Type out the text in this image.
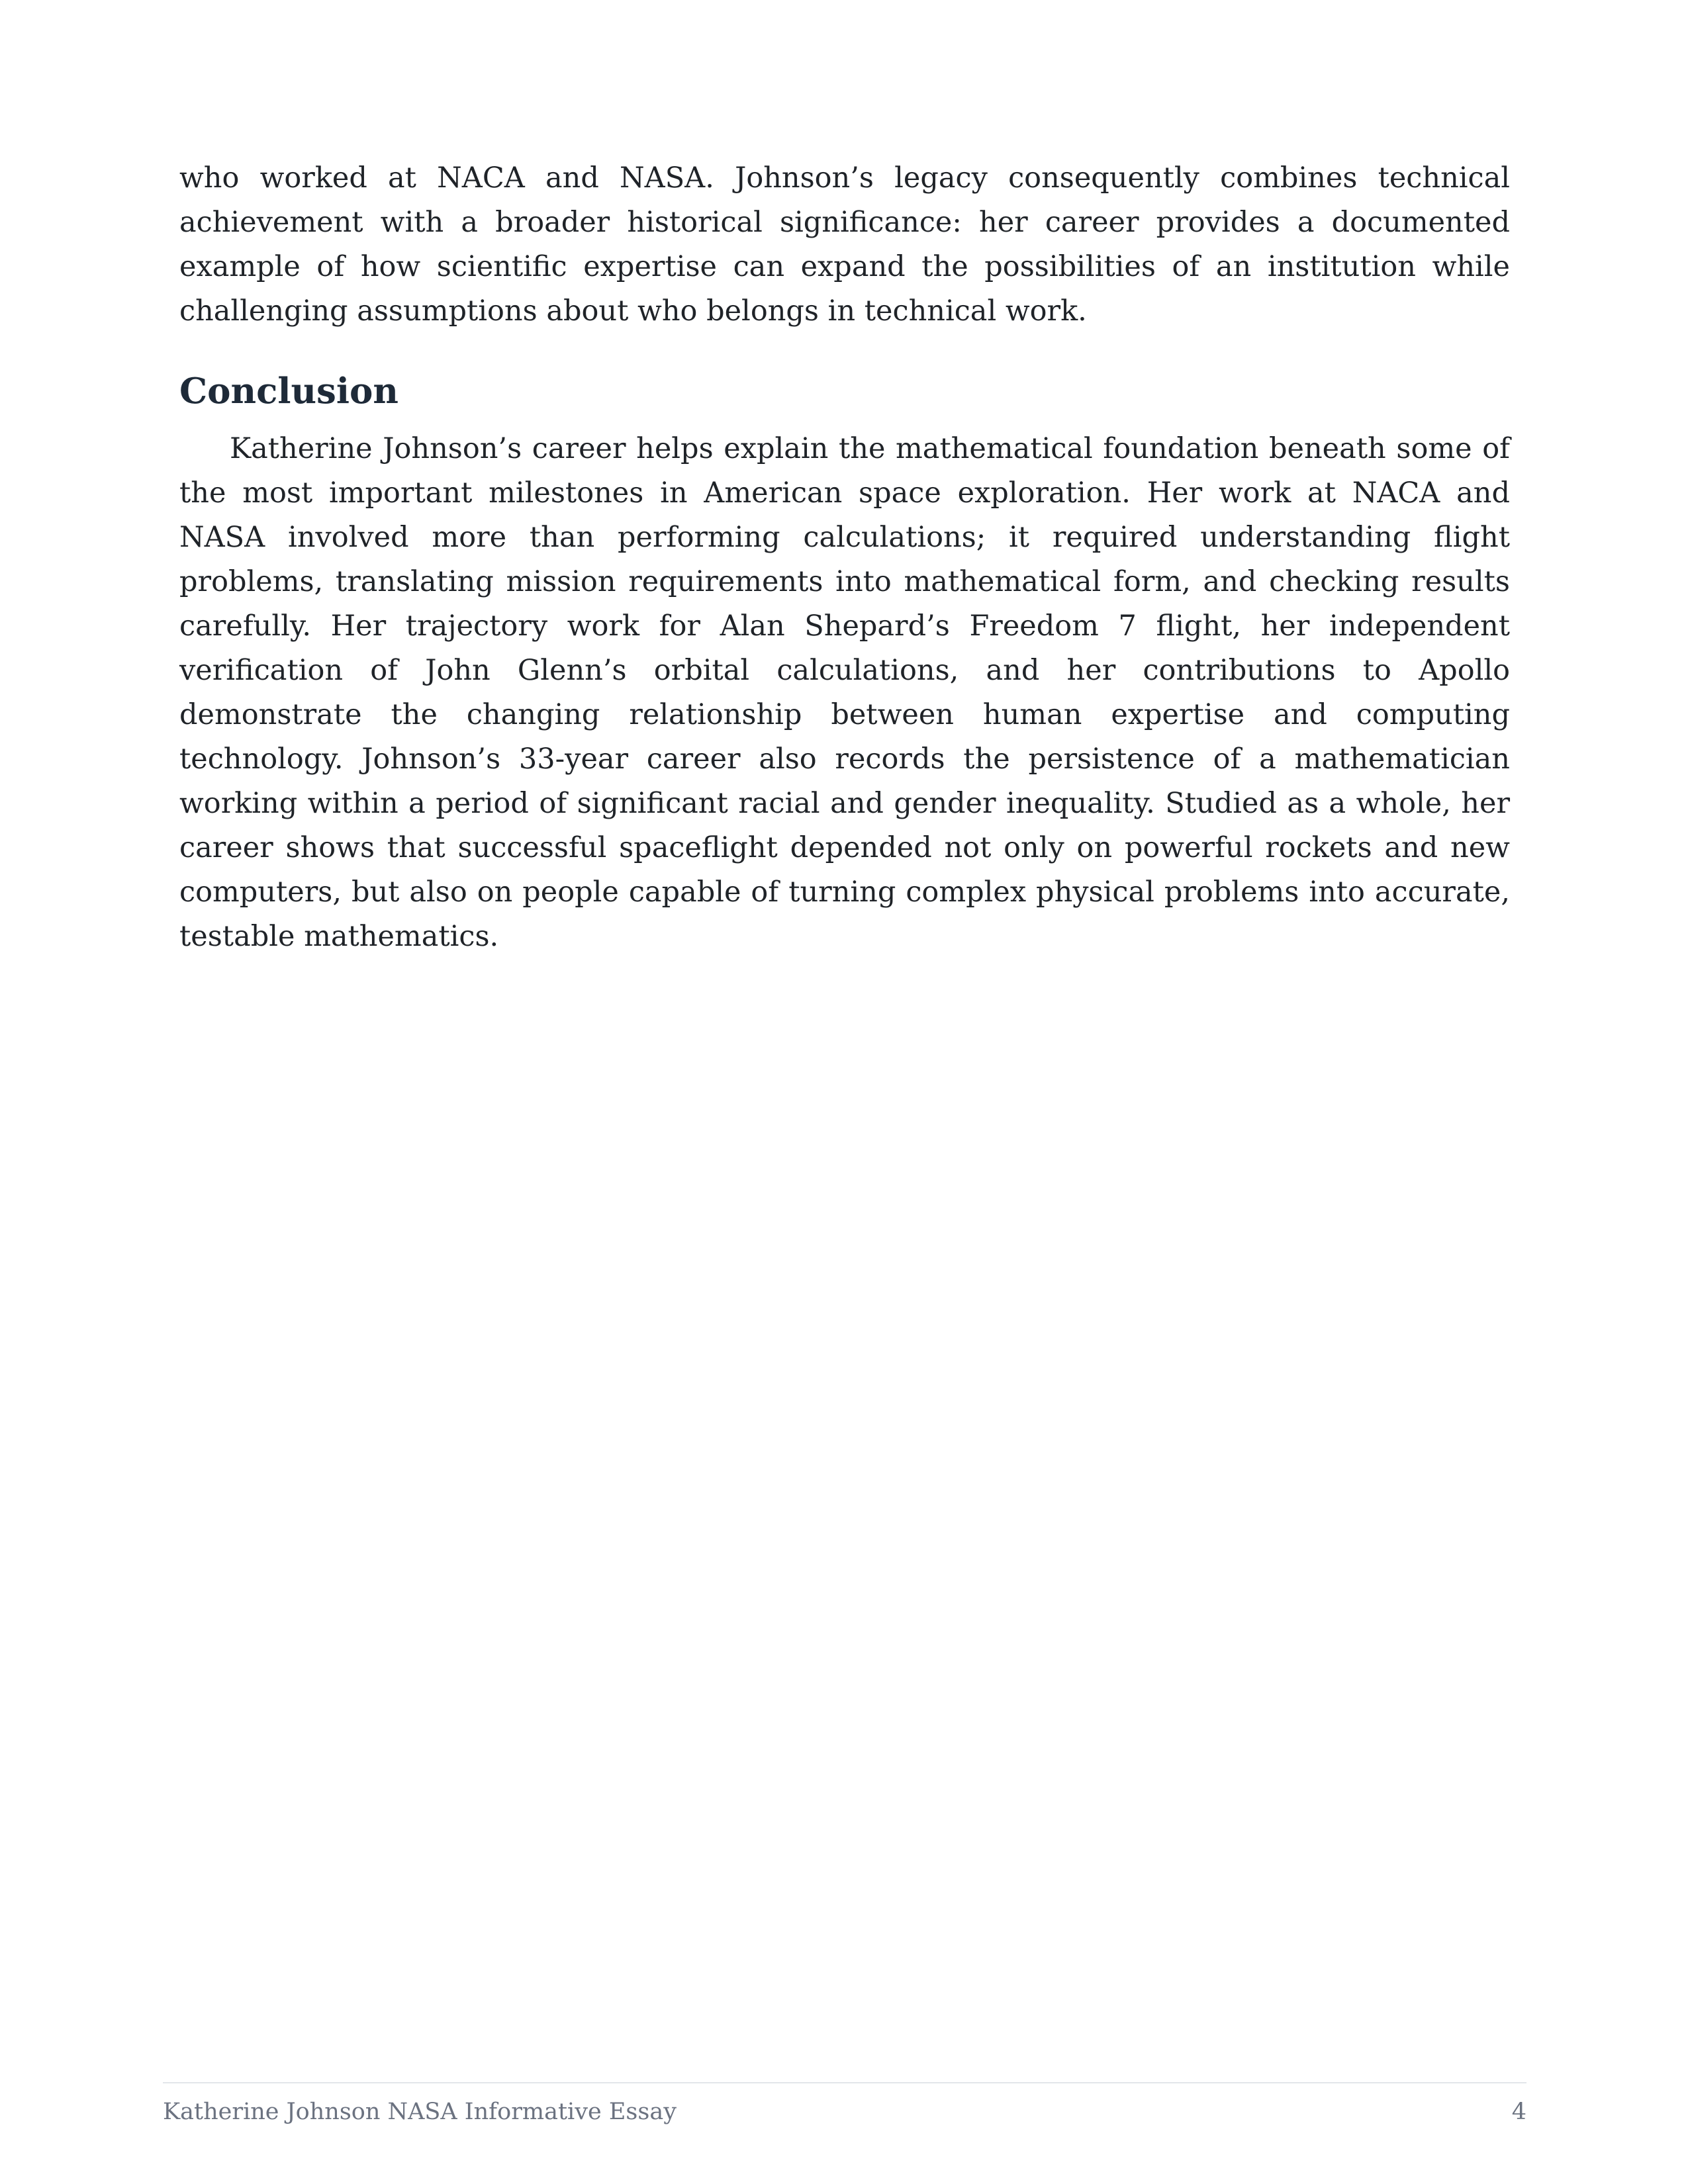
who worked at NACA and NASA. Johnson’s legacy consequently combines technical achievement with a broader historical significance: her career provides a documented example of how scientific expertise can expand the possibilities of an institution while challenging assumptions about who belongs in technical work.

Conclusion

Katherine Johnson’s career helps explain the mathematical foundation beneath some of the most important milestones in American space exploration. Her work at NACA and NASA involved more than performing calculations; it required understanding flight problems, translating mission requirements into mathematical form, and checking results carefully. Her trajectory work for Alan Shepard’s Freedom 7 flight, her independent verification of John Glenn’s orbital calculations, and her contributions to Apollo demonstrate the changing relationship between human expertise and computing technology. Johnson’s 33-year career also records the persistence of a mathematician working within a period of significant racial and gender inequality. Studied as a whole, her career shows that successful spaceflight depended not only on powerful rockets and new computers, but also on people capable of turning complex physical problems into accurate, testable mathematics.

Katherine Johnson NASA Informative Essay	4
